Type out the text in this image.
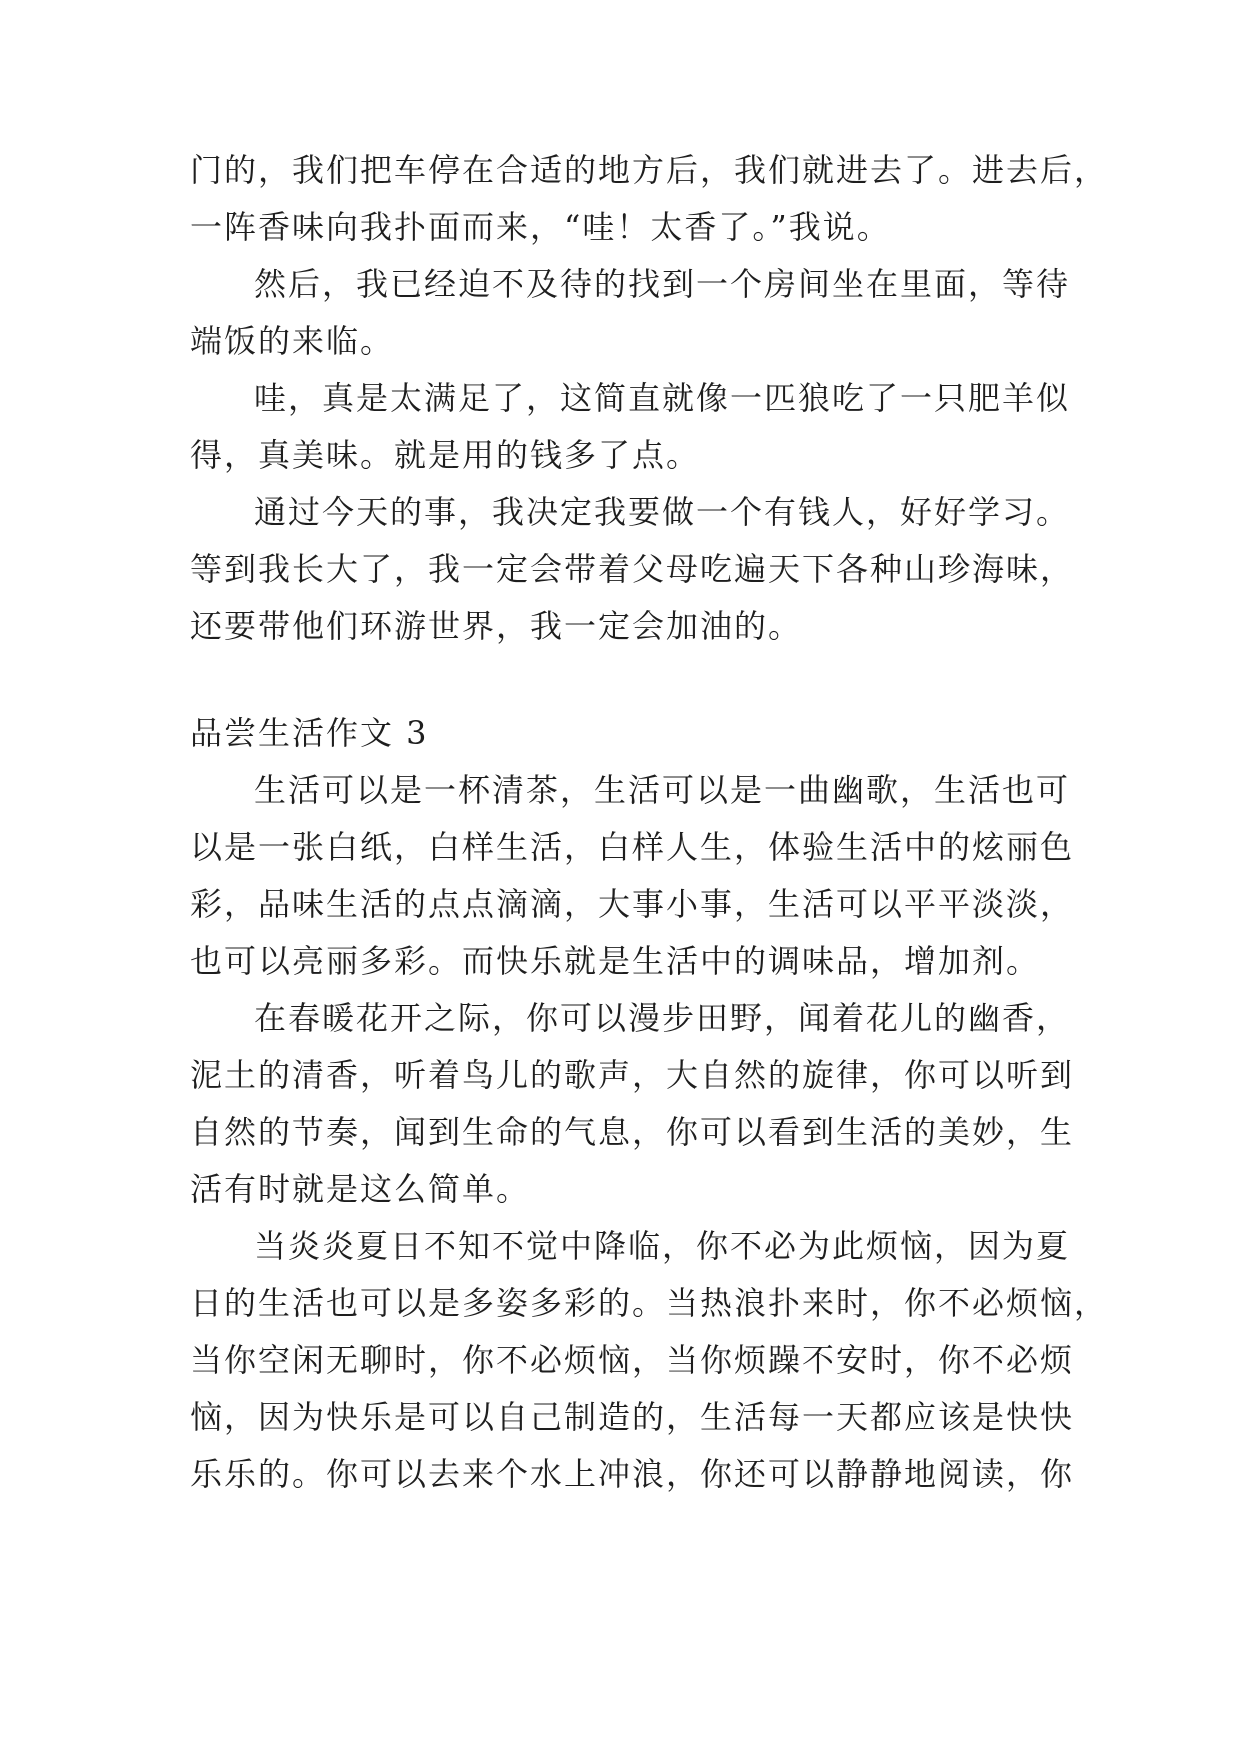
门的，我们把车停在合适的地方后，我们就进去了。进去后，
一阵香味向我扑面而来，“哇！太香了。”我说。
然后，我已经迫不及待的找到一个房间坐在里面，等待
端饭的来临。
哇，真是太满足了，这简直就像一匹狼吃了一只肥羊似
得，真美味。就是用的钱多了点。
通过今天的事，我决定我要做一个有钱人，好好学习。
等到我长大了，我一定会带着父母吃遍天下各种山珍海味，
还要带他们环游世界，我一定会加油的。
品尝生活作文 3
生活可以是一杯清茶，生活可以是一曲幽歌，生活也可
以是一张白纸，白样生活，白样人生，体验生活中的炫丽色
彩，品味生活的点点滴滴，大事小事，生活可以平平淡淡，
也可以亮丽多彩。而快乐就是生活中的调味品，增加剂。
在春暖花开之际，你可以漫步田野，闻着花儿的幽香，
泥土的清香，听着鸟儿的歌声，大自然的旋律，你可以听到
自然的节奏，闻到生命的气息，你可以看到生活的美妙，生
活有时就是这么简单。
当炎炎夏日不知不觉中降临，你不必为此烦恼，因为夏
日的生活也可以是多姿多彩的。当热浪扑来时，你不必烦恼，
当你空闲无聊时，你不必烦恼，当你烦躁不安时，你不必烦
恼，因为快乐是可以自己制造的，生活每一天都应该是快快
乐乐的。你可以去来个水上冲浪，你还可以静静地阅读，你
